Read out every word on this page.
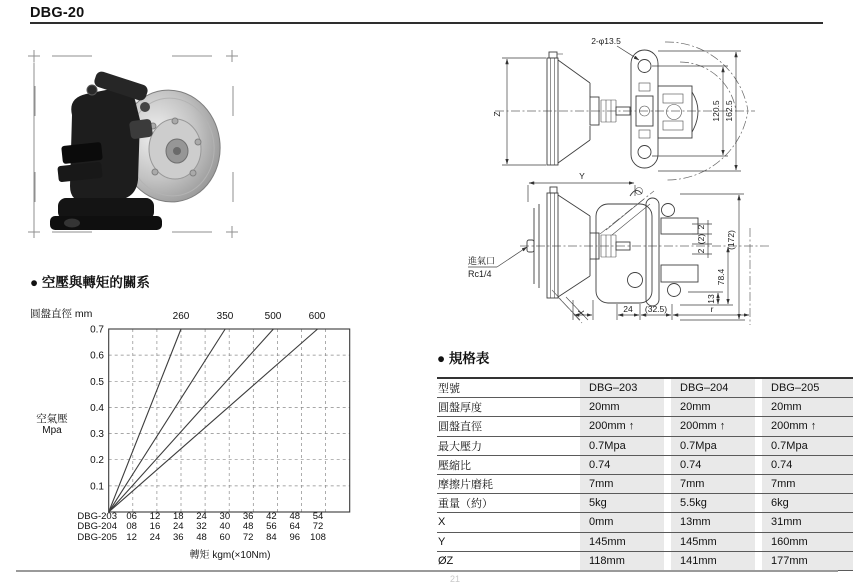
DBG-20
● 空壓與轉矩的關系
圓盤直徑 mm
空氣壓
Mpa
260	350	500	600
0.7
0.6
0.5
0.4
0.3
0.2
0.1
DBG-203 06	12	18	24	30	36	42	48	54
DBG-204 08	16	24	32	40	48	56	64	72
DBG-205 12	24	36	48	60	72	84	96	108
轉矩 kgm(×10Nm)
Z
2-φ13.5
120.5 162.5
Y
進氣口
Rc1/4
X	24 (32.5)	r
(172)
78.4
13
2
(2)
2
● 規格表
型號	DBG–203	DBG–204	DBG–205
圓盤厚度	20mm	20mm	20mm
圓盤直徑	200mm ↑	200mm ↑	200mm ↑
最大壓力	0.7Mpa	0.7Mpa	0.7Mpa
壓縮比	0.74	0.74	0.74
摩擦片磨耗	7mm	7mm	7mm
重量（約）	5kg	5.5kg	6kg
X	0mm	13mm	31mm
Y	145mm	145mm	160mm
ØZ	118mm	141mm	177mm
21
